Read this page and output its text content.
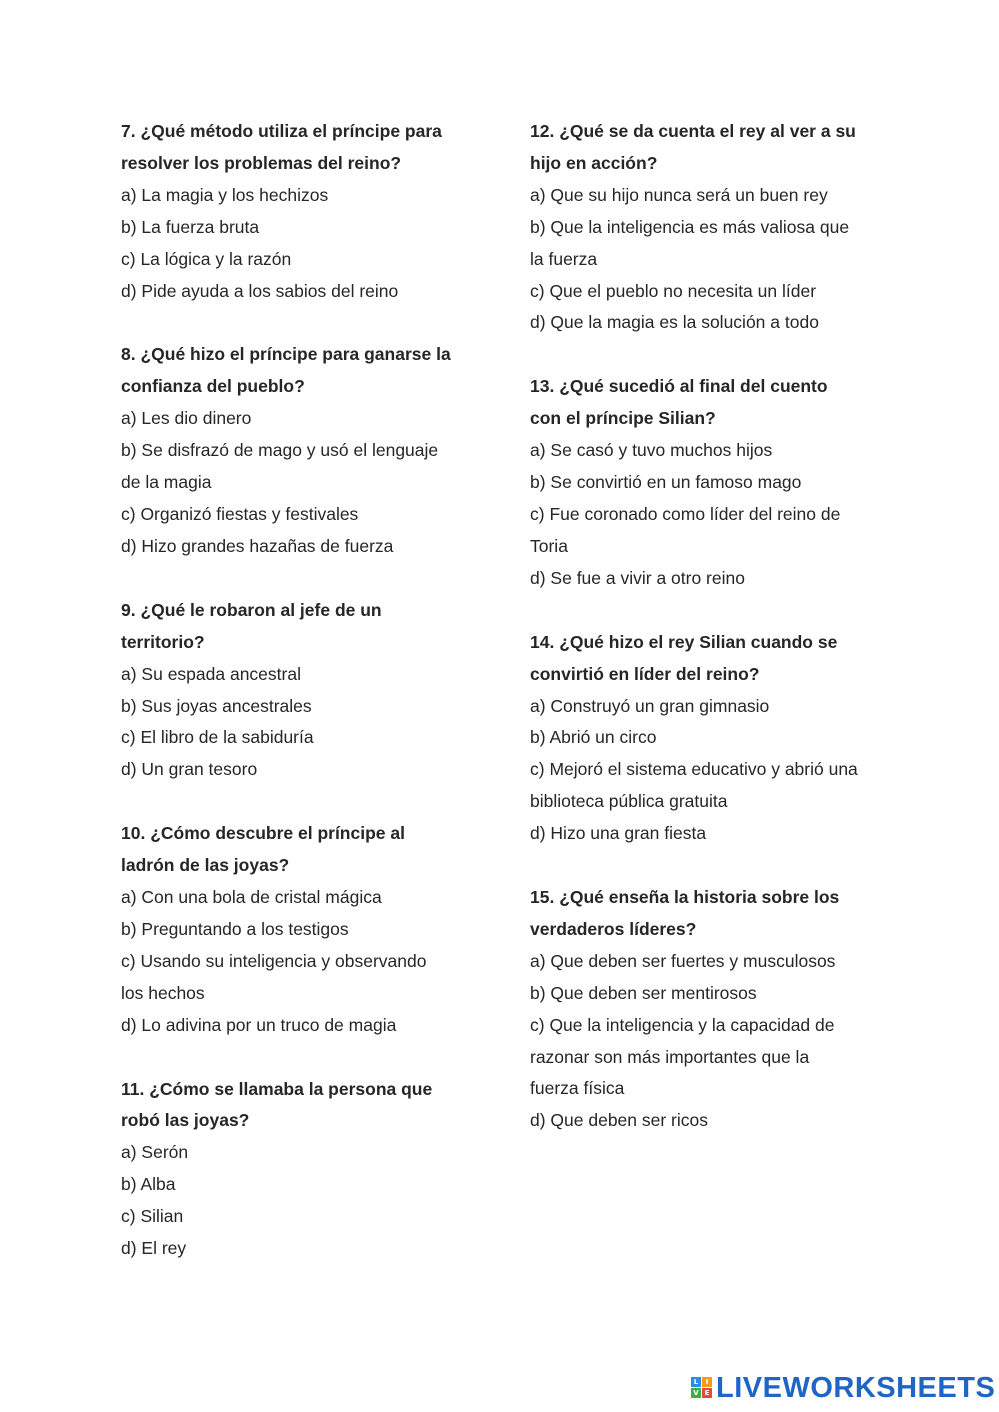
7. ¿Qué método utiliza el príncipe para
resolver los problemas del reino?
a) La magia y los hechizos
b) La fuerza bruta
c) La lógica y la razón
d) Pide ayuda a los sabios del reino
8. ¿Qué hizo el príncipe para ganarse la
confianza del pueblo?
a) Les dio dinero
b) Se disfrazó de mago y usó el lenguaje
de la magia
c) Organizó fiestas y festivales
d) Hizo grandes hazañas de fuerza
9. ¿Qué le robaron al jefe de un
territorio?
a) Su espada ancestral
b) Sus joyas ancestrales
c) El libro de la sabiduría
d) Un gran tesoro
10. ¿Cómo descubre el príncipe al
ladrón de las joyas?
a) Con una bola de cristal mágica
b) Preguntando a los testigos
c) Usando su inteligencia y observando
los hechos
d) Lo adivina por un truco de magia
11. ¿Cómo se llamaba la persona que
robó las joyas?
a) Serón
b) Alba
c) Silian
d) El rey
12. ¿Qué se da cuenta el rey al ver a su
hijo en acción?
a) Que su hijo nunca será un buen rey
b) Que la inteligencia es más valiosa que
la fuerza
c) Que el pueblo no necesita un líder
d) Que la magia es la solución a todo
13. ¿Qué sucedió al final del cuento
con el príncipe Silian?
a) Se casó y tuvo muchos hijos
b) Se convirtió en un famoso mago
c) Fue coronado como líder del reino de
Toria
d) Se fue a vivir a otro reino
14. ¿Qué hizo el rey Silian cuando se
convirtió en líder del reino?
a) Construyó un gran gimnasio
b) Abrió un circo
c) Mejoró el sistema educativo y abrió una
biblioteca pública gratuita
d) Hizo una gran fiesta
15. ¿Qué enseña la historia sobre los
verdaderos líderes?
a) Que deben ser fuertes y musculosos
b) Que deben ser mentirosos
c) Que la inteligencia y la capacidad de
razonar son más importantes que la
fuerza física
d) Que deben ser ricos
L	I
V E LIVEWORKSHEETS
